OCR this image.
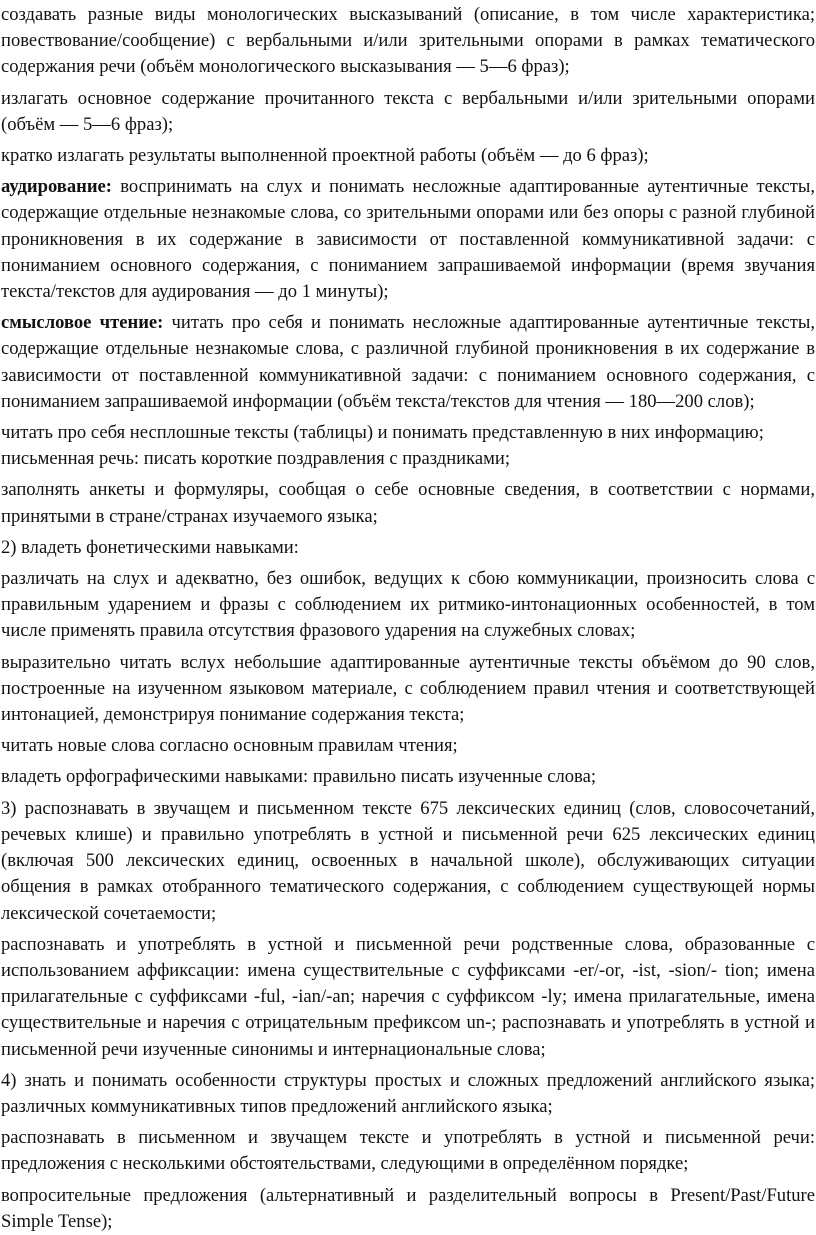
создавать разные виды монологических высказываний (описание, в том числе характеристика; повествование/сообщение) с вербальными и/или зрительными опорами в рамках тематического содержания речи (объём монологического высказывания — 5—6 фраз);

излагать основное содержание прочитанного текста с вербальными и/или зрительными опорами (объём — 5—6 фраз);

кратко излагать результаты выполненной проектной работы (объём — до 6 фраз);

аудирование: воспринимать на слух и понимать несложные адаптированные аутентичные тексты, содержащие отдельные незнакомые слова, со зрительными опорами или без опоры с разной глубиной проникновения в их содержание в зависимости от поставленной коммуникативной задачи: с пониманием основного содержания, с пониманием запрашиваемой информации (время звучания текста/текстов для аудирования — до 1 минуты);

смысловое чтение: читать про себя и понимать несложные адаптированные аутентичные тексты, содержащие отдельные незнакомые слова, с различной глубиной проникновения в их содержание в зависимости от поставленной коммуникативной задачи: с пониманием основного содержания, с пониманием запрашиваемой информации (объём текста/текстов для чтения — 180—200 слов);

читать про себя несплошные тексты (таблицы) и понимать представленную в них информацию;

письменная речь: писать короткие поздравления с праздниками;

заполнять анкеты и формуляры, сообщая о себе основные сведения, в соответствии с нормами, принятыми в стране/странах изучаемого языка;

2) владеть фонетическими навыками:

различать на слух и адекватно, без ошибок, ведущих к сбою коммуникации, произносить слова с правильным ударением и фразы с соблюдением их ритмико-интонационных особенностей, в том числе применять правила отсутствия фразового ударения на служебных словах;

выразительно читать вслух небольшие адаптированные аутентичные тексты объёмом до 90 слов, построенные на изученном языковом материале, с соблюдением правил чтения и соответствующей интонацией, демонстрируя понимание содержания текста;

читать новые слова согласно основным правилам чтения;

владеть орфографическими навыками: правильно писать изученные слова;

3) распознавать в звучащем и письменном тексте 675 лексических единиц (слов, словосочетаний, речевых клише) и правильно употреблять в устной и письменной речи 625 лексических единиц (включая 500 лексических единиц, освоенных в начальной школе), обслуживающих ситуации общения в рамках отобранного тематического содержания, с соблюдением существующей нормы лексической сочетаемости;

распознавать и употреблять в устной и письменной речи родственные слова, образованные с использованием аффиксации: имена существительные с суффиксами -er/-or, -ist, -sion/- tion; имена прилагательные с суффиксами -ful, -ian/-an; наречия с суффиксом -ly; имена прилагательные, имена существительные и наречия с отрицательным префиксом un-; распознавать и употреблять в устной и письменной речи изученные синонимы и интернациональные слова;

4) знать и понимать особенности структуры простых и сложных предложений английского языка; различных коммуникативных типов предложений английского языка;

распознавать в письменном и звучащем тексте и употреблять в устной и письменной речи: предложения с несколькими обстоятельствами, следующими в определённом порядке;

вопросительные предложения (альтернативный и разделительный вопросы в Present/Past/Future Simple Tense);
